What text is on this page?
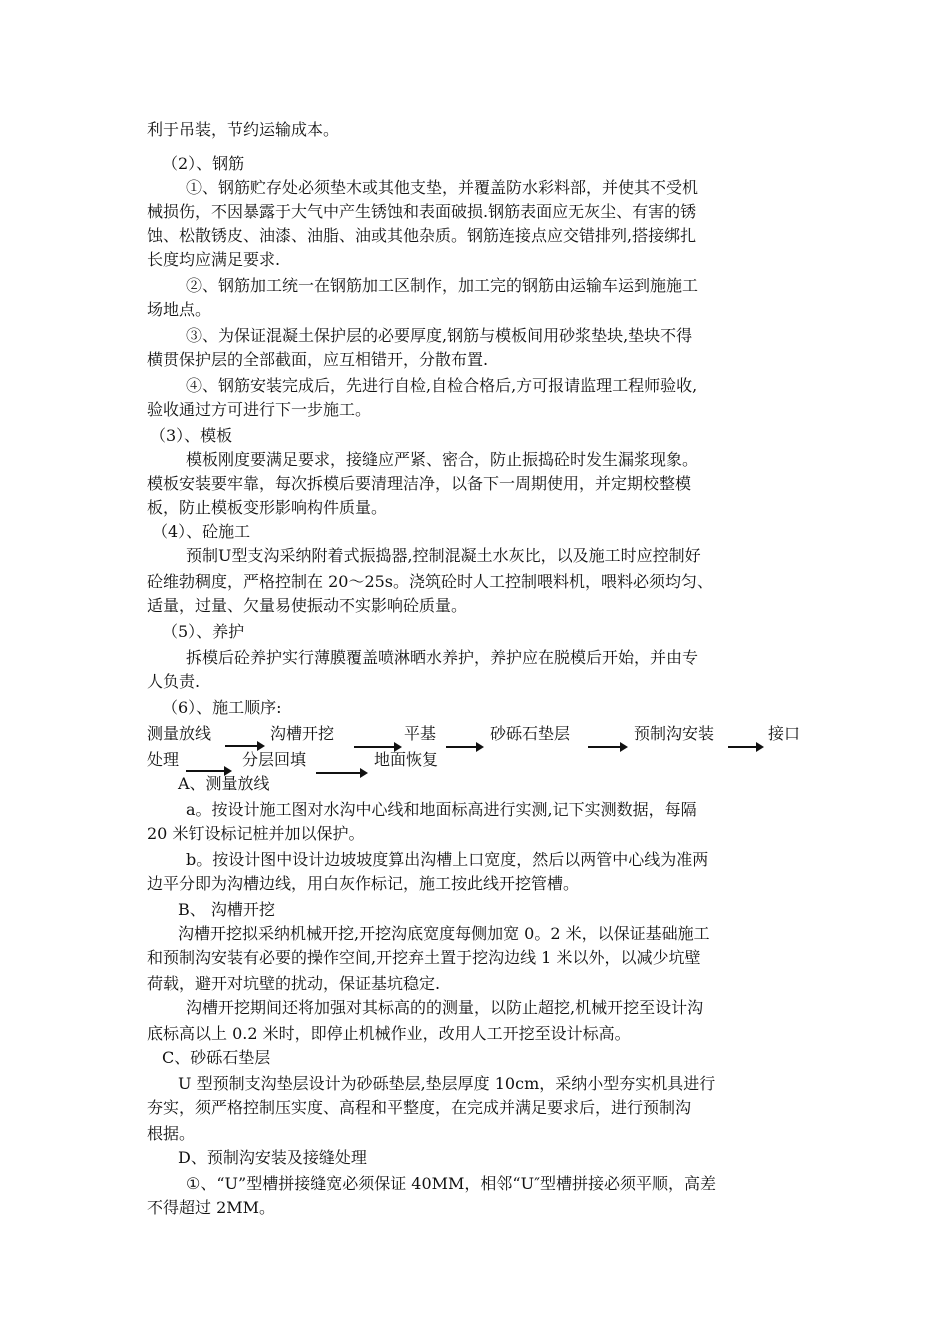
利于吊装，节约运输成本。
（2）、钢筋
①、钢筋贮存处必须垫木或其他支垫，并覆盖防水彩料部，并使其不受机
械损伤，不因暴露于大气中产生锈蚀和表面破损.钢筋表面应无灰尘、有害的锈
蚀、松散锈皮、油漆、油脂、油或其他杂质。钢筋连接点应交错排列,搭接绑扎
长度均应满足要求.
②、钢筋加工统一在钢筋加工区制作，加工完的钢筋由运输车运到施施工
场地点。
③、为保证混凝土保护层的必要厚度,钢筋与模板间用砂浆垫块,垫块不得
横贯保护层的全部截面，应互相错开，分散布置.
④、钢筋安装完成后，先进行自检,自检合格后,方可报请监理工程师验收,
验收通过方可进行下一步施工。
（3）、模板
模板刚度要满足要求，接缝应严紧、密合，防止振捣砼时发生漏浆现象。
模板安装要牢靠，每次拆模后要清理洁净，以备下一周期使用，并定期校整模
板，防止模板变形影响构件质量。
（4）、砼施工
预制U型支沟采纳附着式振捣器,控制混凝土水灰比，以及施工时应控制好
砼维勃稠度，严格控制在 20～25s。浇筑砼时人工控制喂料机，喂料必须均匀、
适量，过量、欠量易使振动不实影响砼质量。
（5）、养护
拆模后砼养护实行薄膜覆盖喷淋晒水养护，养护应在脱模后开始，并由专
人负责.
（6）、施工顺序:
测量放线	沟槽开挖	平基	砂砾石垫层	预制沟安装	接口
处理	分层回填	地面恢复
A、测量放线
a。按设计施工图对水沟中心线和地面标高进行实测,记下实测数据，每隔
20 米钉设标记桩并加以保护。
b。按设计图中设计边坡坡度算出沟槽上口宽度，然后以两管中心线为准两
边平分即为沟槽边线，用白灰作标记，施工按此线开挖管槽。
B、 沟槽开挖
沟槽开挖拟采纳机械开挖,开挖沟底宽度每侧加宽 0。2 米，以保证基础施工
和预制沟安装有必要的操作空间,开挖弃土置于挖沟边线 1 米以外，以减少坑壁
荷载，避开对坑壁的扰动，保证基坑稳定.
沟槽开挖期间还将加强对其标高的的测量，以防止超挖,机械开挖至设计沟
底标高以上 0.2 米时，即停止机械作业，改用人工开挖至设计标高。
C、砂砾石垫层
U 型预制支沟垫层设计为砂砾垫层,垫层厚度 10cm，采纳小型夯实机具进行
夯实，须严格控制压实度、高程和平整度，在完成并满足要求后，进行预制沟
根据。
D、预制沟安装及接缝处理
①、“U”型槽拼接缝宽必须保证 40MM，相邻“U″型槽拼接必须平顺，高差
不得超过 2MM。
